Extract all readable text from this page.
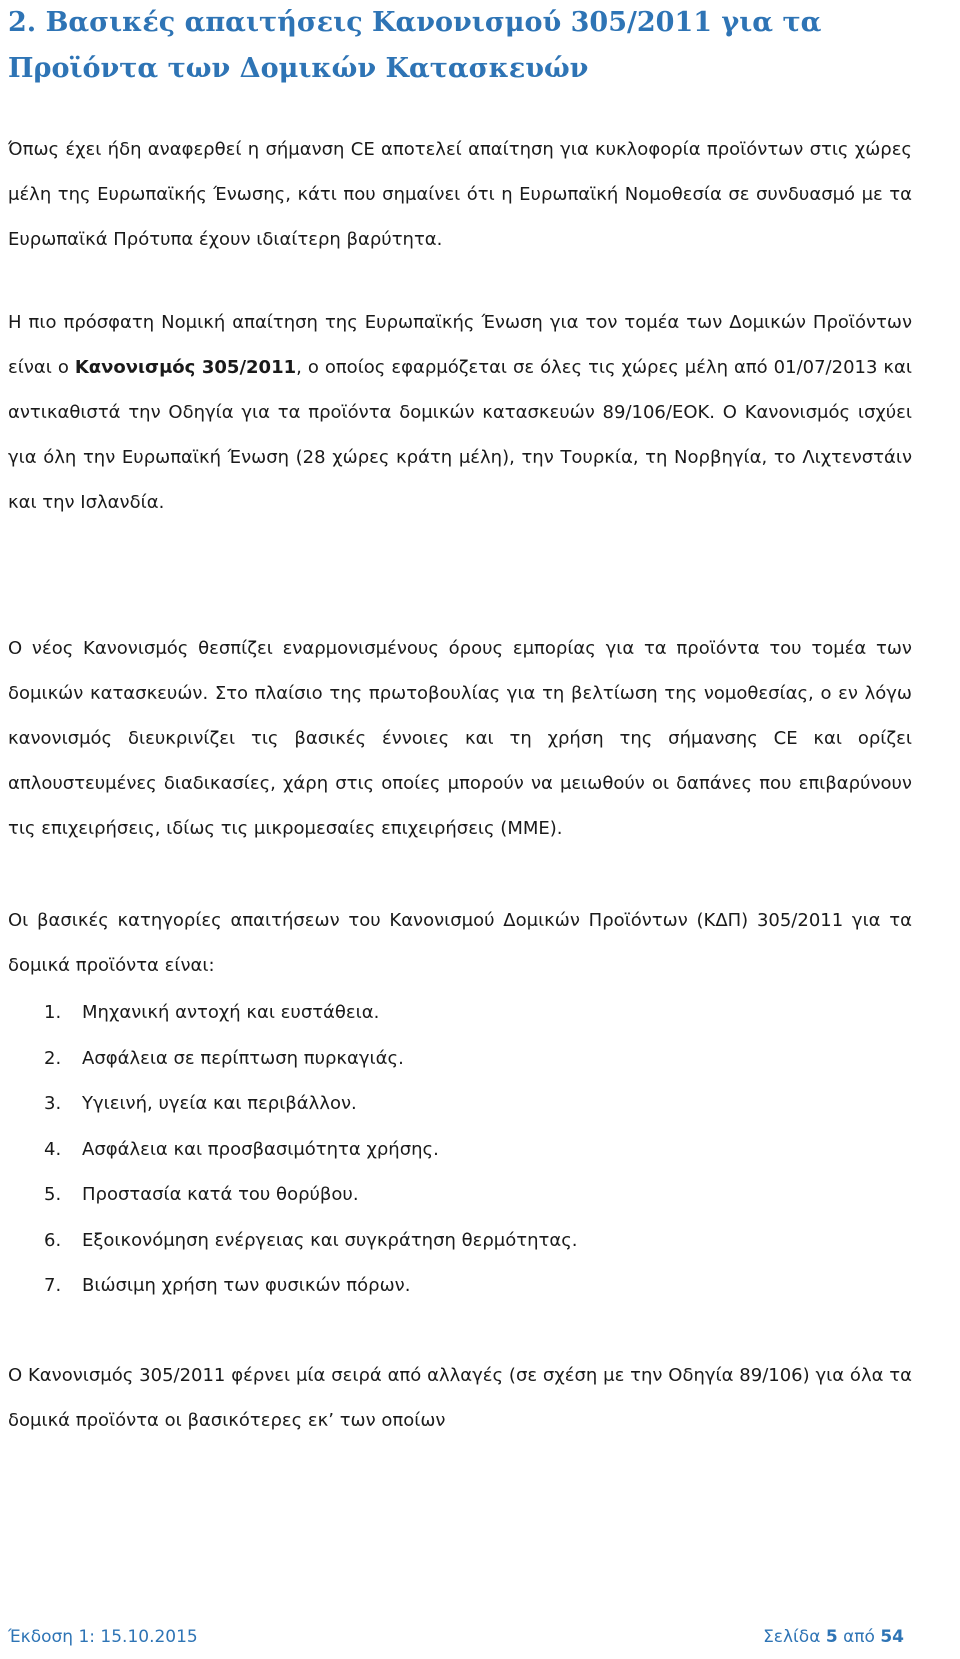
2. Βασικές απαιτήσεις Κανονισμού 305/2011 για τα
Προϊόντα των Δομικών Κατασκευών

Όπως έχει ήδη αναφερθεί η σήμανση CE αποτελεί απαίτηση για κυκλοφορία προϊόντων στις χώρες μέλη της Ευρωπαϊκής Ένωσης, κάτι που σημαίνει ότι η Ευρωπαϊκή Νομοθεσία σε συνδυασμό με τα Ευρωπαϊκά Πρότυπα έχουν ιδιαίτερη βαρύτητα.

Η πιο πρόσφατη Νομική απαίτηση της Ευρωπαϊκής Ένωση για τον τομέα των Δομικών Προϊόντων είναι ο Κανονισμός 305/2011, ο οποίος εφαρμόζεται σε όλες τις χώρες μέλη από 01/07/2013 και αντικαθιστά την Οδηγία για τα προϊόντα δομικών κατασκευών 89/106/ΕΟΚ. Ο Κανονισμός ισχύει για όλη την Ευρωπαϊκή Ένωση (28 χώρες κράτη μέλη), την Τουρκία, τη Νορβηγία, το Λιχτενστάιν και την Ισλανδία.

Ο νέος Κανονισμός θεσπίζει εναρμονισμένους όρους εμπορίας για τα προϊόντα του τομέα των δομικών κατασκευών. Στο πλαίσιο της πρωτοβουλίας για τη βελτίωση της νομοθεσίας, ο εν λόγω κανονισμός διευκρινίζει τις βασικές έννοιες και τη χρήση της σήμανσης CE και ορίζει απλουστευμένες διαδικασίες, χάρη στις οποίες μπορούν να μειωθούν οι δαπάνες που επιβαρύνουν τις επιχειρήσεις, ιδίως τις μικρομεσαίες επιχειρήσεις (ΜΜΕ).

Οι βασικές κατηγορίες απαιτήσεων του Κανονισμού Δομικών Προϊόντων (ΚΔΠ) 305/2011 για τα δομικά προϊόντα είναι:

1.	Μηχανική αντοχή και ευστάθεια.
2.	Ασφάλεια σε περίπτωση πυρκαγιάς.
3.	Υγιεινή, υγεία και περιβάλλον.
4.	Ασφάλεια και προσβασιμότητα χρήσης.
5.	Προστασία κατά του θορύβου.
6.	Εξοικονόμηση ενέργειας και συγκράτηση θερμότητας.
7.	Βιώσιμη χρήση των φυσικών πόρων.

Ο Κανονισμός 305/2011 φέρνει μία σειρά από αλλαγές (σε σχέση με την Οδηγία 89/106) για όλα τα δομικά προϊόντα οι βασικότερες εκ’ των οποίων

Έκδοση 1: 15.10.2015	Σελίδα 5 από 54
